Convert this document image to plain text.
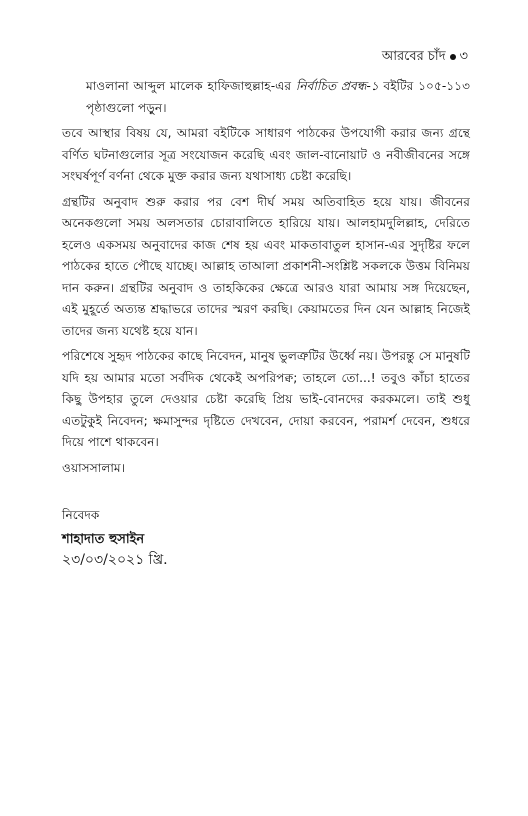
আরবের চাঁদ ৩

মাওলানা আব্দুল মালেক হাফিজাহুল্লাহ-এর নির্বাচিত প্রবন্ধ-১ বইটির ১০৫-১১৩ পৃষ্ঠাগুলো পড়ুন।

তবে আস্থার বিষয় যে, আমরা বইটিকে সাধারণ পাঠকের উপযোগী করার জন্য গ্রন্থে বর্ণিত ঘটনাগুলোর সূত্র সংযোজন করেছি এবং জাল-বানোয়াট ও নবীজীবনের সঙ্গে সংঘর্ষপূর্ণ বর্ণনা থেকে মুক্ত করার জন্য যথাসাধ্য চেষ্টা করেছি।

গ্রন্থটির অনুবাদ শুরু করার পর বেশ দীর্ঘ সময় অতিবাহিত হয়ে যায়। জীবনের অনেকগুলো সময় অলসতার চোরাবালিতে হারিয়ে যায়। আলহামদুলিল্লাহ, দেরিতে হলেও একসময় অনুবাদের কাজ শেষ হয় এবং মাকতাবাতুল হাসান-এর সুদৃষ্টির ফলে পাঠকের হাতে পৌছে যাচ্ছে। আল্লাহ তাআলা প্রকাশনী-সংশ্লিষ্ট সকলকে উত্তম বিনিময় দান করুন। গ্রন্থটির অনুবাদ ও তাহকিকের ক্ষেত্রে আরও যারা আমায় সঙ্গ দিয়েছেন, এই মুহূর্তে অত্যন্ত শ্রদ্ধাভরে তাদের স্মরণ করছি। কেয়ামতের দিন যেন আল্লাহ নিজেই তাদের জন্য যথেষ্ট হয়ে যান।

পরিশেষে সুহৃদ পাঠকের কাছে নিবেদন, মানুষ ভুলত্রুটির উর্ধ্বে নয়। উপরন্তু সে মানুষটি যদি হয় আমার মতো সর্বদিক থেকেই অপরিপক্ব; তাহলে তো...! তবুও কাঁচা হাতের কিছু উপহার তুলে দেওয়ার চেষ্টা করেছি প্রিয় ভাই-বোনদের করকমলে। তাই শুধু এতটুকুই নিবেদন; ক্ষমাসুন্দর দৃষ্টিতে দেখবেন, দোয়া করবেন, পরামর্শ দেবেন, শুধরে দিয়ে পাশে থাকবেন।

ওয়াসসালাম।

নিবেদক

শাহাদাত হুসাইন

২৩/০৩/২০২১ খ্রি.
